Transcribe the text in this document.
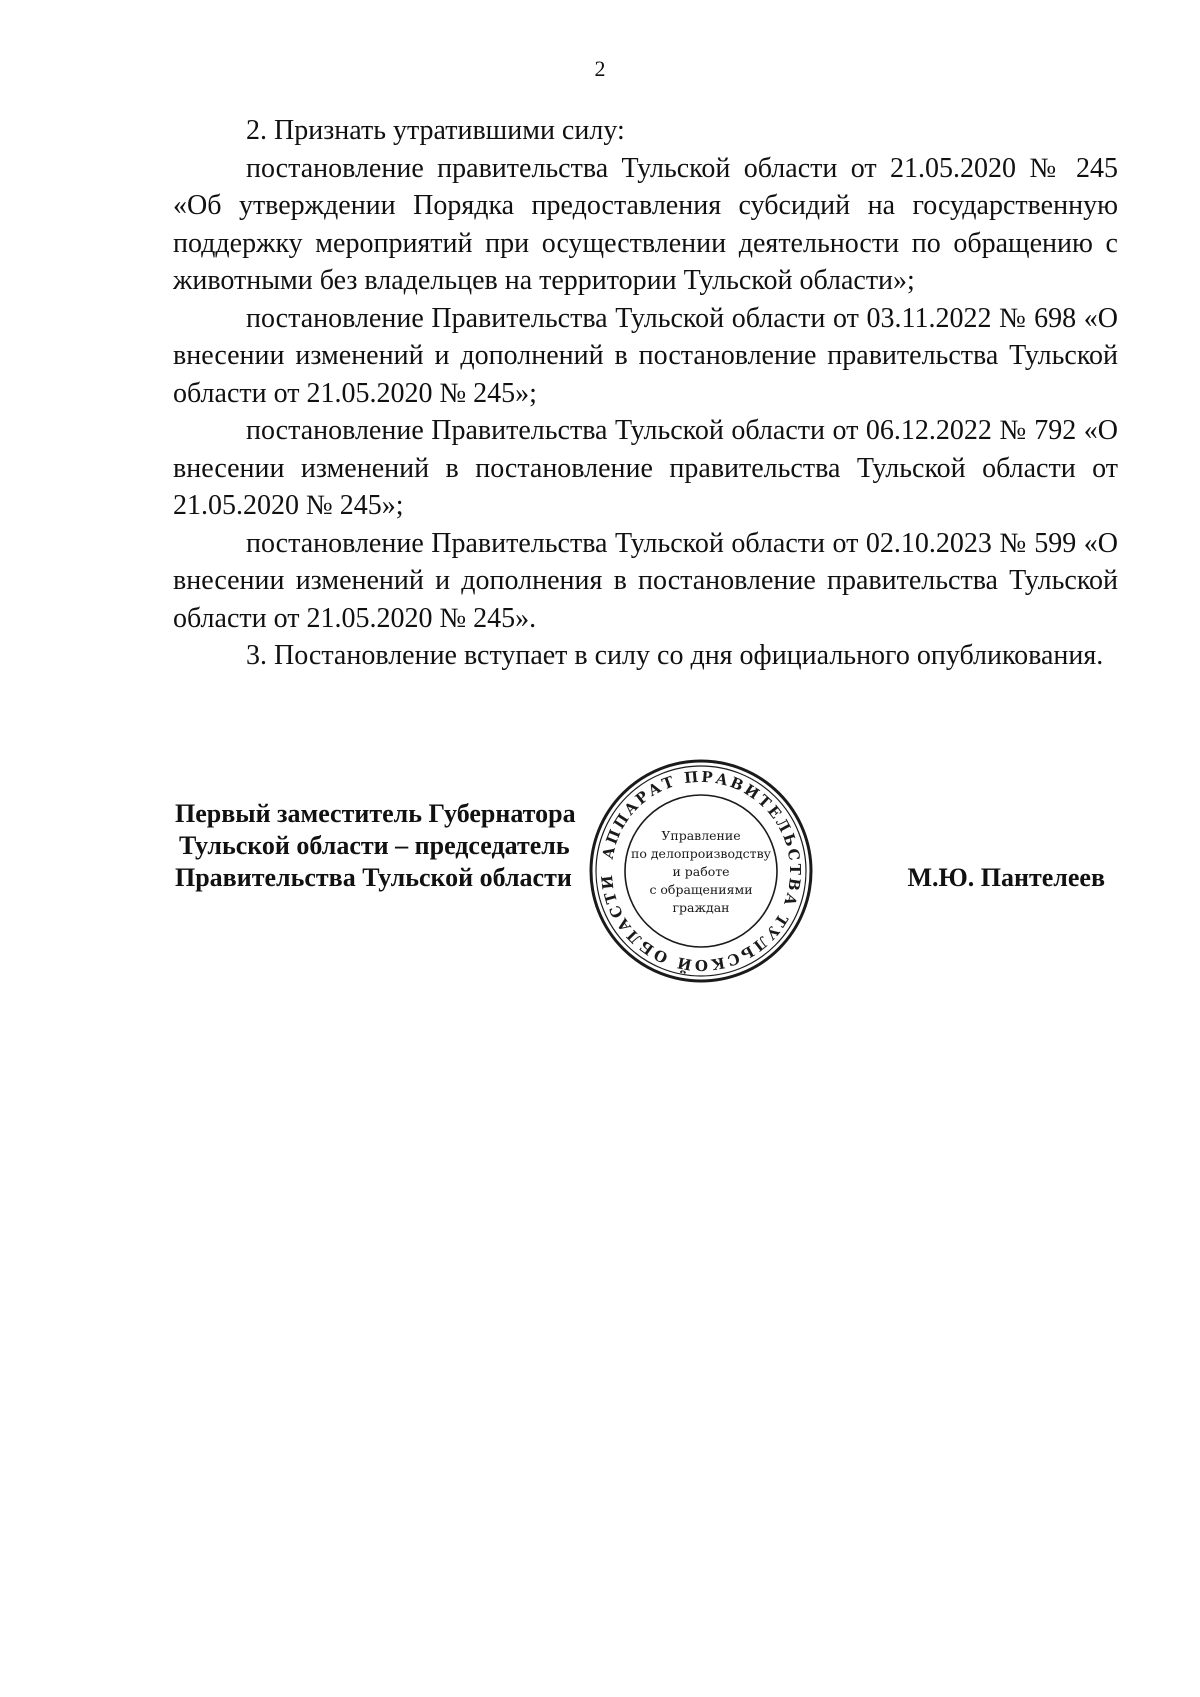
2

2. Признать утратившими силу:

постановление правительства Тульской области от 21.05.2020 № 245 «Об утверждении Порядка предоставления субсидий на государственную поддержку мероприятий при осуществлении деятельности по обращению с животными без владельцев на территории Тульской области»;

постановление Правительства Тульской области от 03.11.2022 № 698 «О внесении изменений и дополнений в постановление правительства Тульской области от 21.05.2020 № 245»;

постановление Правительства Тульской области от 06.12.2022 № 792 «О внесении изменений в постановление правительства Тульской области от 21.05.2020 № 245»;

постановление Правительства Тульской области от 02.10.2023 № 599 «О внесении изменений и дополнения в постановление правительства Тульской области от 21.05.2020 № 245».

3. Постановление вступает в силу со дня официального опубликования.

Первый заместитель Губернатора
Тульской области – председатель
Правительства Тульской области	М.Ю. Пантелеев
АППАРАТ ПРАВИТЕЛЬСТВА ТУЛЬСКОЙ ОБЛАСТИ
Управление
по делопроизводству
и работе
с обращениями
граждан
